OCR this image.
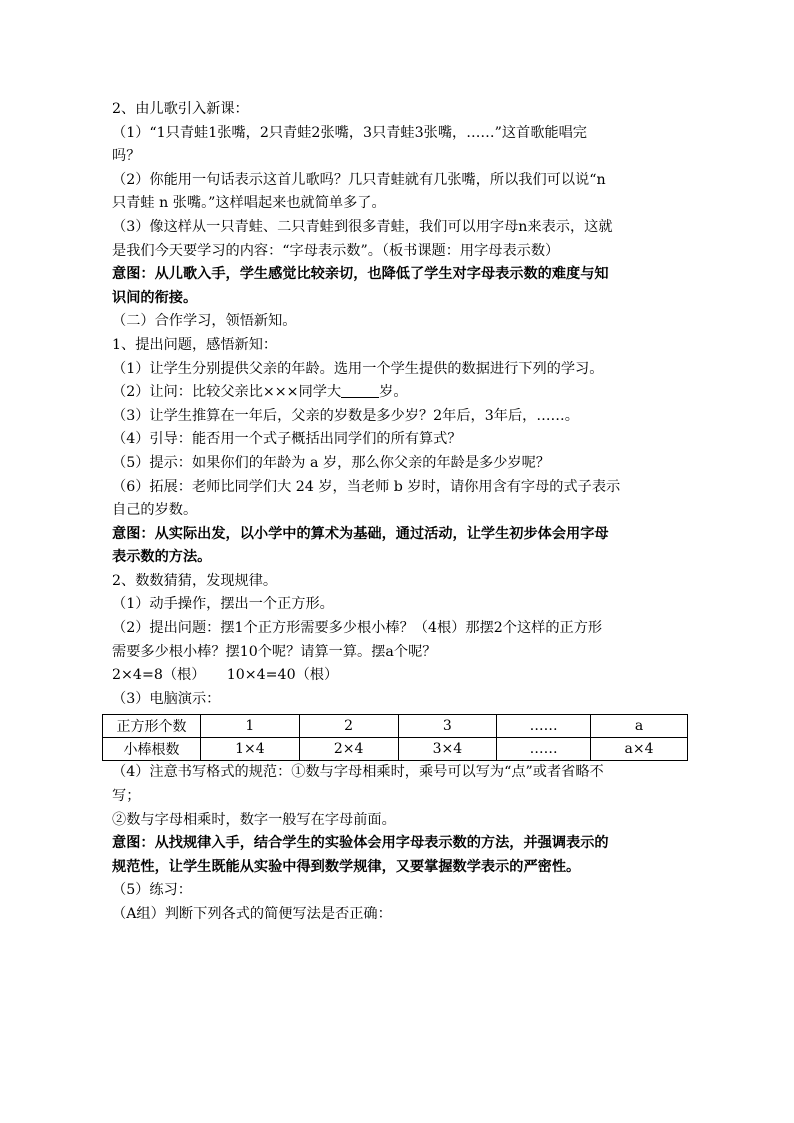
2、由儿歌引入新课：

（1）“1只青蛙1张嘴，2只青蛙2张嘴，3只青蛙3张嘴，……”这首歌能唱完

吗？

（2）你能用一句话表示这首儿歌吗？几只青蛙就有几张嘴，所以我们可以说“n

只青蛙 n 张嘴。”这样唱起来也就简单多了。

（3）像这样从一只青蛙、二只青蛙到很多青蛙，我们可以用字母n来表示，这就

是我们今天要学习的内容：“字母表示数”。（板书课题：用字母表示数）

意图：从儿歌入手，学生感觉比较亲切，也降低了学生对字母表示数的难度与知

识间的衔接。

（二）合作学习，领悟新知。

1、提出问题，感悟新知：

（1）让学生分别提供父亲的年龄。选用一个学生提供的数据进行下列的学习。

（2）让问：比较父亲比×××同学大	岁。

（3）让学生推算在一年后，父亲的岁数是多少岁？2年后，3年后，……。

（4）引导：能否用一个式子概括出同学们的所有算式？

（5）提示：如果你们的年龄为 a 岁，那么你父亲的年龄是多少岁呢？

（6）拓展：老师比同学们大 24 岁，当老师 b 岁时，请你用含有字母的式子表示

自己的岁数。

意图：从实际出发，以小学中的算术为基础，通过活动，让学生初步体会用字母

表示数的方法。

2、数数猜猜，发现规律。

（1）动手操作，摆出一个正方形。

（2）提出问题：摆1个正方形需要多少根小棒？（4根）那摆2个这样的正方形

需要多少根小棒？摆10个呢？请算一算。摆a个呢？

2×4=8（根）　　10×4=40（根）

（3）电脑演示：

正方形个数	1	2	3	……	a
小棒根数	1×4	2×4	3×4	……	a×4

（4）注意书写格式的规范：①数与字母相乘时，乘号可以写为“点”或者省略不

写；

②数与字母相乘时，数字一般写在字母前面。

意图：从找规律入手，结合学生的实验体会用字母表示数的方法，并强调表示的

规范性，让学生既能从实验中得到数学规律，又要掌握数学表示的严密性。

（5）练习：

（A组）判断下列各式的简便写法是否正确：
